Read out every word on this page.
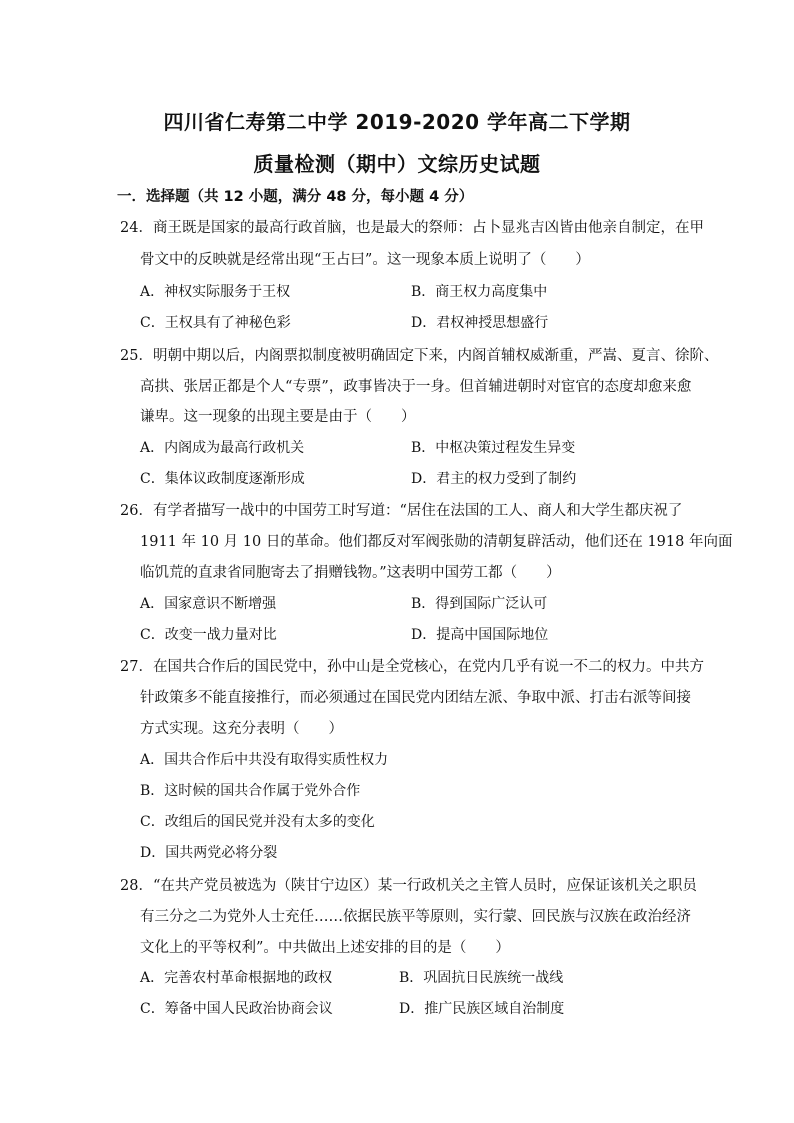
四川省仁寿第二中学 2019-2020 学年高二下学期
质量检测（期中）文综历史试题
一．选择题（共 12 小题，满分 48 分，每小题 4 分）
24．商王既是国家的最高行政首脑，也是最大的祭师：占卜显兆吉凶皆由他亲自制定，在甲
骨文中的反映就是经常出现“王占曰”。这一现象本质上说明了（　　）
A．神权实际服务于王权	B．商王权力高度集中
C．王权具有了神秘色彩	D．君权神授思想盛行
25．明朝中期以后，内阁票拟制度被明确固定下来，内阁首辅权威渐重，严嵩、夏言、徐阶、
高拱、张居正都是个人“专票”，政事皆决于一身。但首辅进朝时对宦官的态度却愈来愈
谦卑。这一现象的出现主要是由于（　　）
A．内阁成为最高行政机关	B．中枢决策过程发生异变
C．集体议政制度逐渐形成	D．君主的权力受到了制约
26．有学者描写一战中的中国劳工时写道：“居住在法国的工人、商人和大学生都庆祝了
1911 年 10 月 10 日的革命。他们都反对军阀张勋的清朝复辟活动，他们还在 1918 年向面
临饥荒的直隶省同胞寄去了捐赠钱物。”这表明中国劳工都（　　）
A．国家意识不断增强	B．得到国际广泛认可
C．改变一战力量对比	D．提高中国国际地位
27．在国共合作后的国民党中，孙中山是全党核心，在党内几乎有说一不二的权力。中共方
针政策多不能直接推行，而必须通过在国民党内团结左派、争取中派、打击右派等间接
方式实现。这充分表明（　　）
A．国共合作后中共没有取得实质性权力
B．这时候的国共合作属于党外合作
C．改组后的国民党并没有太多的变化
D．国共两党必将分裂
28．“在共产党员被选为（陕甘宁边区）某一行政机关之主管人员时，应保证该机关之职员
有三分之二为党外人士充任……依据民族平等原则，实行蒙、回民族与汉族在政治经济
文化上的平等权利”。中共做出上述安排的目的是（　　）
A．完善农村革命根据地的政权	B．巩固抗日民族统一战线
C．筹备中国人民政治协商会议	D．推广民族区域自治制度
